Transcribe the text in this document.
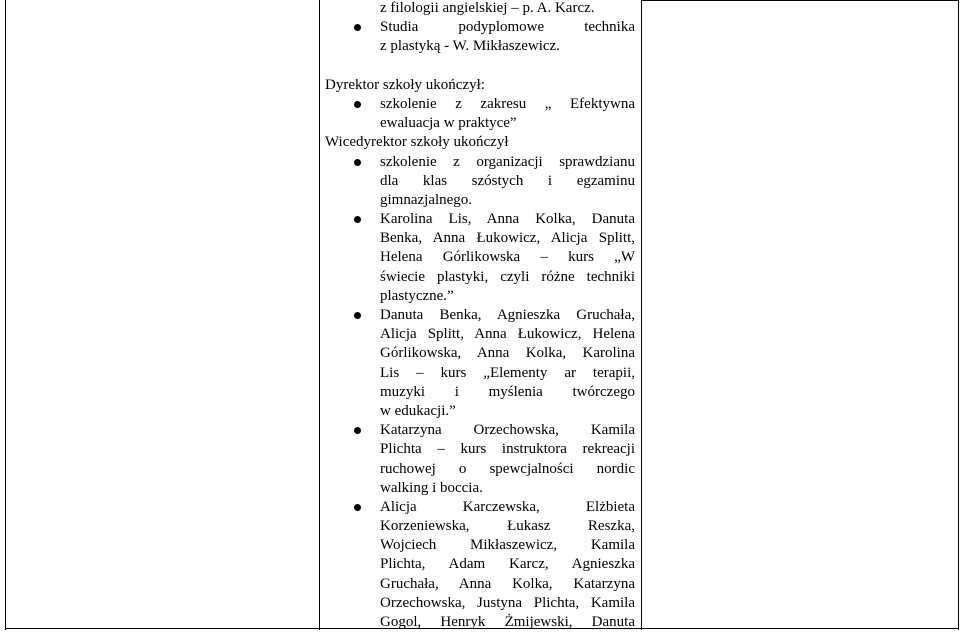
z filologii angielskiej – p. A. Karcz.
Studia podyplomowe technika
z plastyką - W. Mikłaszewicz.
Dyrektor szkoły ukończył:
szkolenie z zakresu „ Efektywna
ewaluacja w praktyce”
Wicedyrektor szkoły ukończył
szkolenie z organizacji sprawdzianu
dla klas szóstych i egzaminu
gimnazjalnego.
Karolina Lis, Anna Kolka, Danuta
Benka, Anna Łukowicz, Alicja Splitt,
Helena Górlikowska – kurs „W
świecie plastyki, czyli różne techniki
plastyczne.”
Danuta Benka, Agnieszka Gruchała,
Alicja Splitt, Anna Łukowicz, Helena
Górlikowska, Anna Kolka, Karolina
Lis – kurs „Elementy ar terapii,
muzyki i myślenia twórczego
w edukacji.”
Katarzyna Orzechowska, Kamila
Plichta – kurs instruktora rekreacji
ruchowej o spewcjalności nordic
walking i boccia.
Alicja Karczewska, Elżbieta
Korzeniewska, Łukasz Reszka,
Wojciech Mikłaszewicz, Kamila
Plichta, Adam Karcz, Agnieszka
Gruchała, Anna Kolka, Katarzyna
Orzechowska, Justyna Plichta, Kamila
Gogol, Henryk Żmijewski, Danuta
